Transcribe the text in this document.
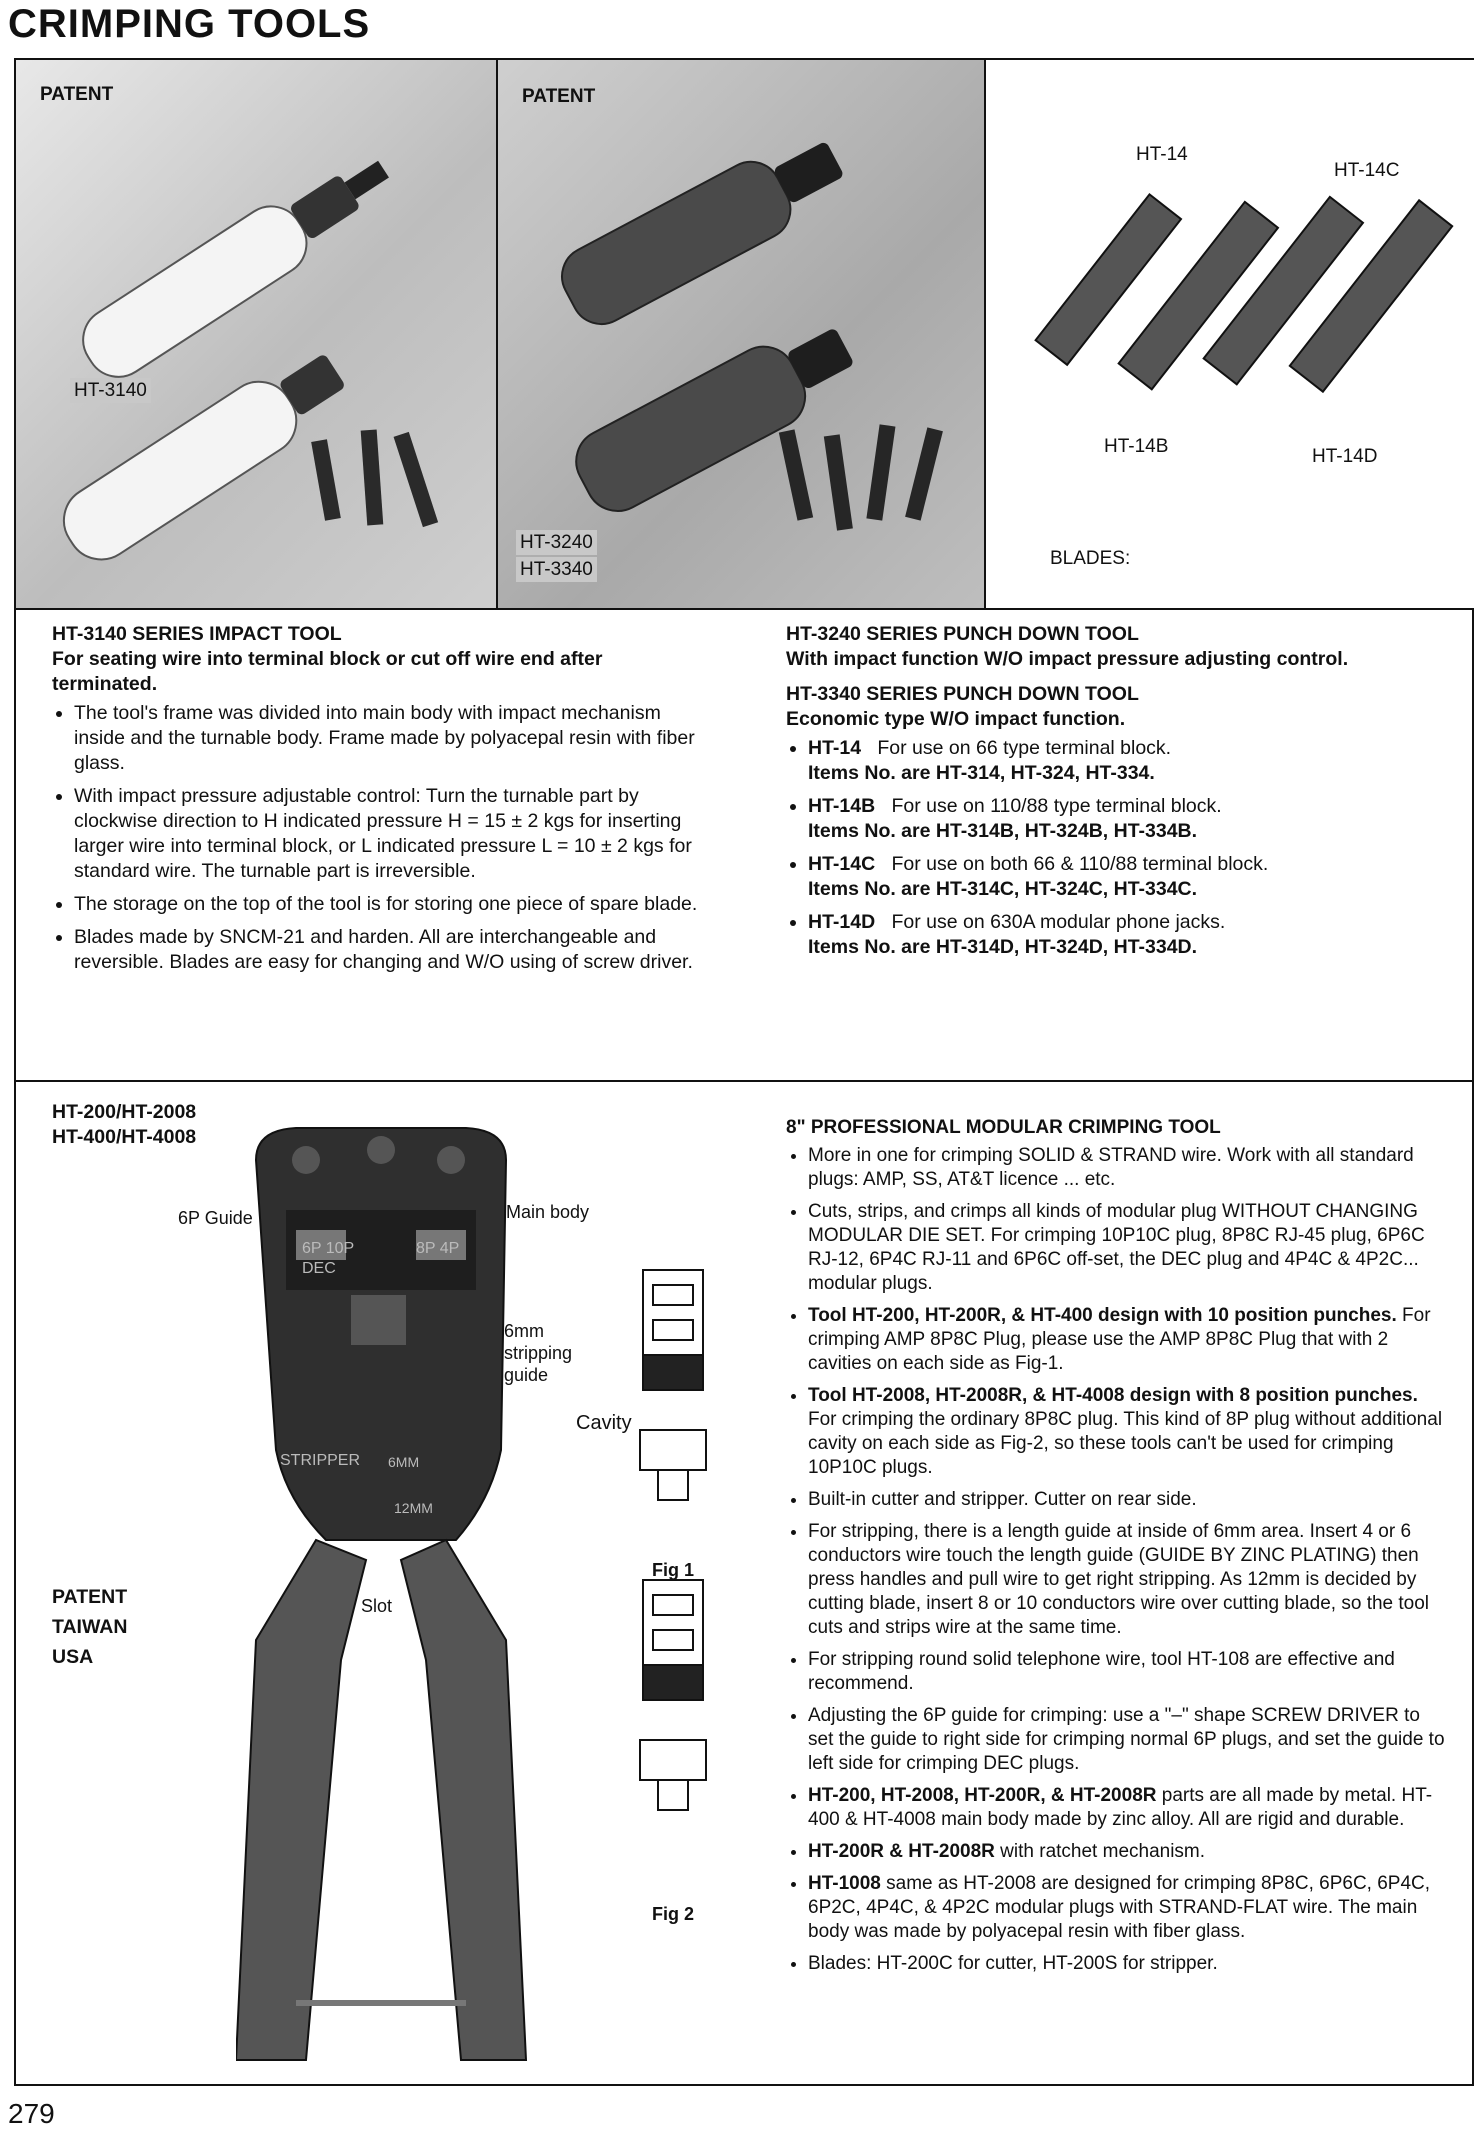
CRIMPING TOOLS
PATENT
HT-3140
PATENT
HT-3240
HT-3340
HT-14
HT-14C
HT-14B	HT-14D
BLADES:
HT-3140 SERIES IMPACT TOOL
For seating wire into terminal block or cut off wire end after terminated.
• The tool's frame was divided into main body with impact mechanism inside and the turnable body. Frame made by polyacepal resin with fiber glass.
• With impact pressure adjustable control: Turn the turnable part by clockwise direction to H indicated pressure H = 15 ± 2 kgs for inserting larger wire into terminal block, or L indicated pressure L = 10 ± 2 kgs for standard wire. The turnable part is irreversible.
• The storage on the top of the tool is for storing one piece of spare blade.
• Blades made by SNCM-21 and harden. All are interchangeable and reversible. Blades are easy for changing and W/O using of screw driver.
HT-3240 SERIES PUNCH DOWN TOOL
With impact function W/O impact pressure adjusting control.
HT-3340 SERIES PUNCH DOWN TOOL
Economic type W/O impact function.
• HT-14 For use on 66 type terminal block.
Items No. are HT-314, HT-324, HT-334.
• HT-14B For use on 110/88 type terminal block.
Items No. are HT-314B, HT-324B, HT-334B.
• HT-14C For use on both 66 & 110/88 terminal block.
Items No. are HT-314C, HT-324C, HT-334C.
• HT-14D For use on 630A modular phone jacks.
Items No. are HT-314D, HT-324D, HT-334D.
HT-200/HT-2008
HT-400/HT-4008
PATENT
TAIWAN
USA
6P Guide	Main body
6mm stripping guide
Cavity
Slot
6P 10P	8P 4P
DEC
STRIPPER 6MM
12MM
Fig 1
Fig 2
8" PROFESSIONAL MODULAR CRIMPING TOOL
• More in one for crimping SOLID & STRAND wire. Work with all standard plugs: AMP, SS, AT&T licence ... etc.
• Cuts, strips, and crimps all kinds of modular plug WITHOUT CHANGING MODULAR DIE SET. For crimping 10P10C plug, 8P8C RJ-45 plug, 6P6C RJ-12, 6P4C RJ-11 and 6P6C off-set, the DEC plug and 4P4C & 4P2C... modular plugs.
• Tool HT-200, HT-200R, & HT-400 design with 10 position punches. For crimping AMP 8P8C Plug, please use the AMP 8P8C Plug that with 2 cavities on each side as Fig-1.
• Tool HT-2008, HT-2008R, & HT-4008 design with 8 position punches. For crimping the ordinary 8P8C plug. This kind of 8P plug without additional cavity on each side as Fig-2, so these tools can't be used for crimping 10P10C plugs.
• Built-in cutter and stripper. Cutter on rear side.
• For stripping, there is a length guide at inside of 6mm area. Insert 4 or 6 conductors wire touch the length guide (GUIDE BY ZINC PLATING) then press handles and pull wire to get right stripping. As 12mm is decided by cutting blade, insert 8 or 10 conductors wire over cutting blade, so the tool cuts and strips wire at the same time.
• For stripping round solid telephone wire, tool HT-108 are effective and recommend.
• Adjusting the 6P guide for crimping: use a "–" shape SCREW DRIVER to set the guide to right side for crimping normal 6P plugs, and set the guide to left side for crimping DEC plugs.
• HT-200, HT-2008, HT-200R, & HT-2008R parts are all made by metal. HT-400 & HT-4008 main body made by zinc alloy. All are rigid and durable.
• HT-200R & HT-2008R with ratchet mechanism.
• HT-1008 same as HT-2008 are designed for crimping 8P8C, 6P6C, 6P4C, 6P2C, 4P4C, & 4P2C modular plugs with STRAND-FLAT wire. The main body was made by polyacepal resin with fiber glass.
• Blades: HT-200C for cutter, HT-200S for stripper.
279
